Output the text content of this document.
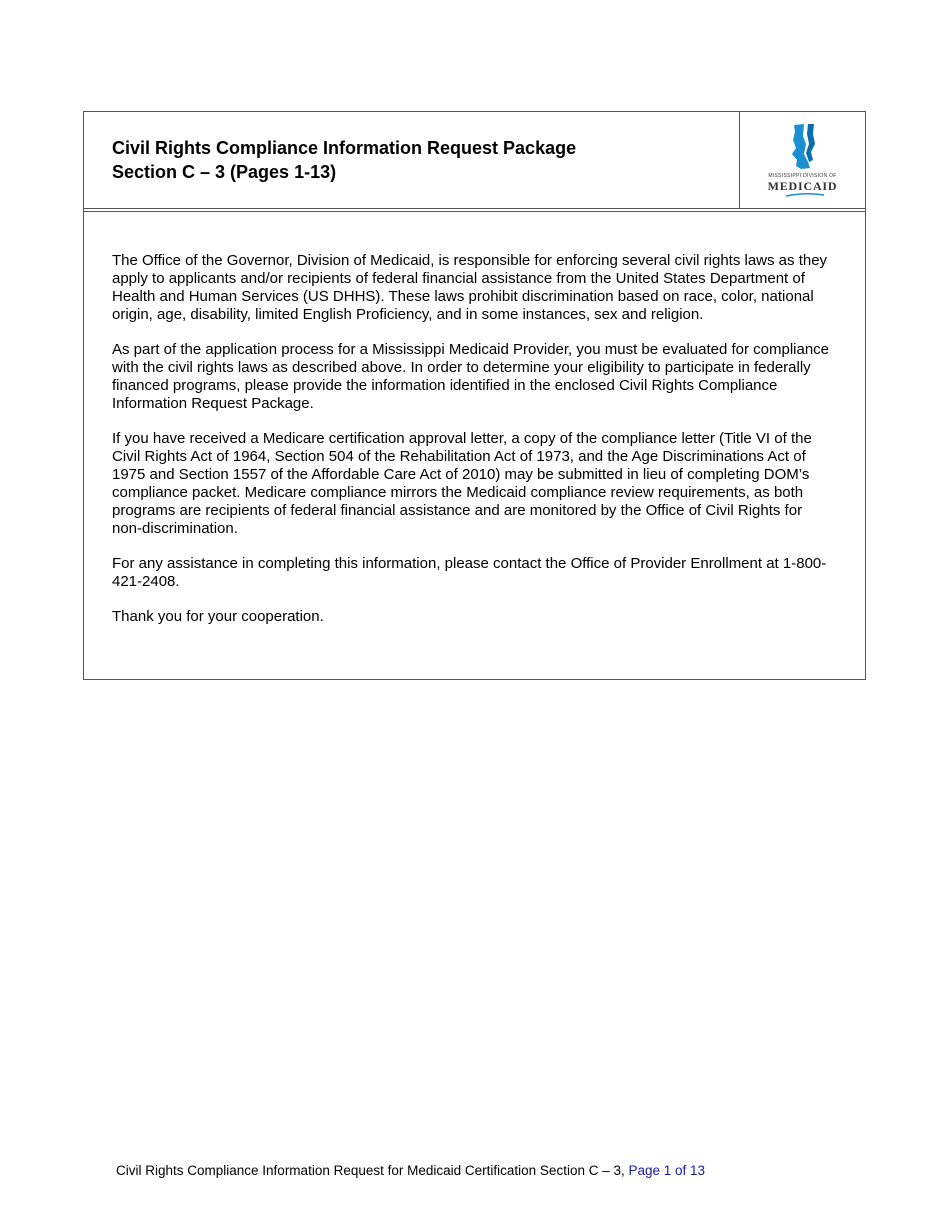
Civil Rights Compliance Information Request Package
Section C – 3 (Pages 1-13)	MISSISSIPPI DIVISION OF
MEDICAID

The Office of the Governor, Division of Medicaid, is responsible for enforcing several civil rights laws as they apply to applicants and/or recipients of federal financial assistance from the United States Department of Health and Human Services (US DHHS). These laws prohibit discrimination based on race, color, national origin, age, disability, limited English Proficiency, and in some instances, sex and religion.

As part of the application process for a Mississippi Medicaid Provider, you must be evaluated for compliance with the civil rights laws as described above. In order to determine your eligibility to participate in federally financed programs, please provide the information identified in the enclosed Civil Rights Compliance Information Request Package.

If you have received a Medicare certification approval letter, a copy of the compliance letter (Title VI of the Civil Rights Act of 1964, Section 504 of the Rehabilitation Act of 1973, and the Age Discriminations Act of 1975 and Section 1557 of the Affordable Care Act of 2010) may be submitted in lieu of completing DOM’s compliance packet. Medicare compliance mirrors the Medicaid compliance review requirements, as both programs are recipients of federal financial assistance and are monitored by the Office of Civil Rights for non-discrimination.

For any assistance in completing this information, please contact the Office of Provider Enrollment at 1-800-421-2408.

Thank you for your cooperation.

Civil Rights Compliance Information Request for Medicaid Certification Section C – 3, Page 1 of 13
